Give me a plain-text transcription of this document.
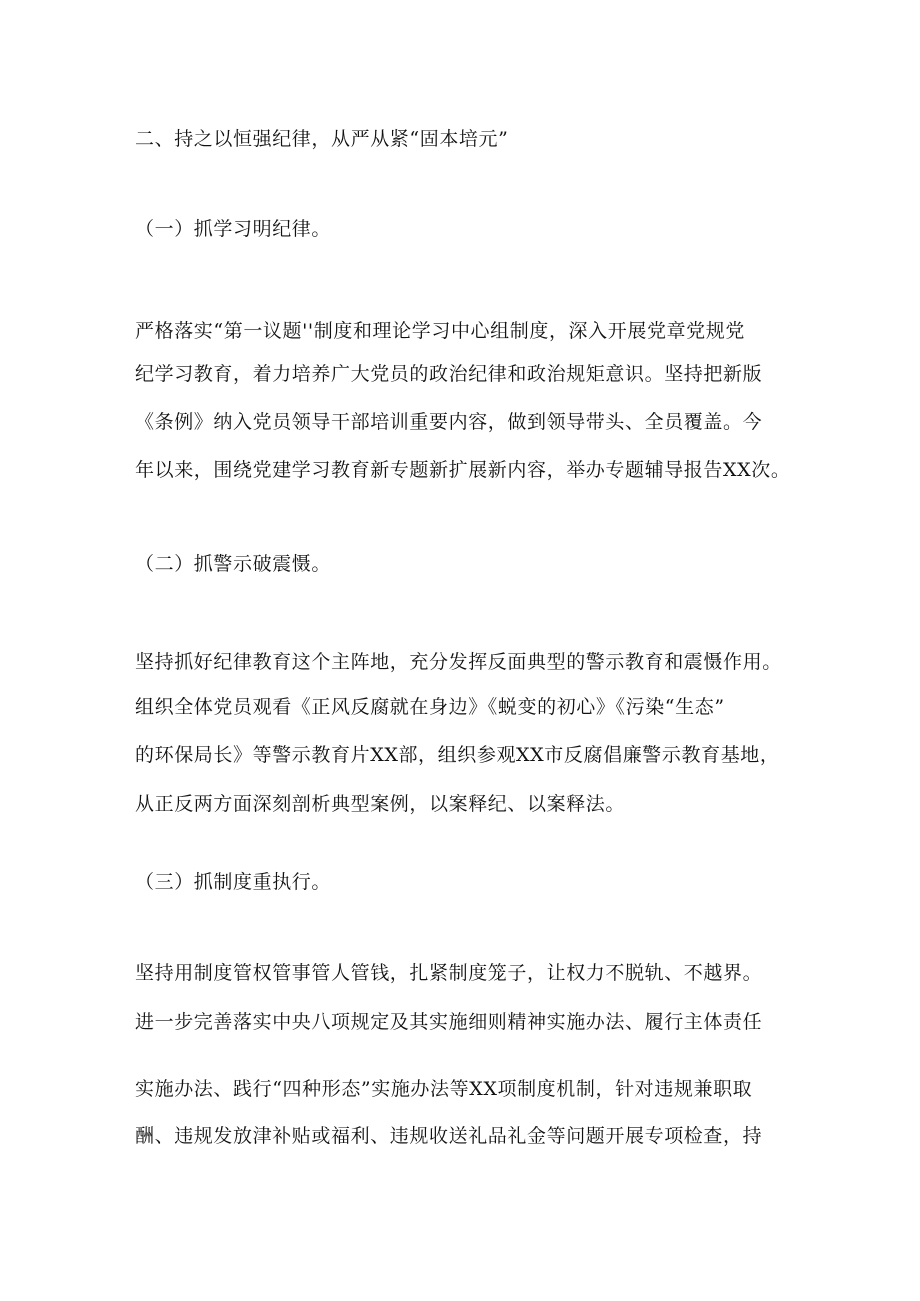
二、持之以恒强纪律，从严从紧“固本培元”
（一）抓学习明纪律。
严格落实“第一议题''制度和理论学习中心组制度，深入开展党章党规党
纪学习教育，着力培养广大党员的政治纪律和政治规矩意识。坚持把新版
《条例》纳入党员领导干部培训重要内容，做到领导带头、全员覆盖。今
年以来，围绕党建学习教育新专题新扩展新内容，举办专题辅导报告XX次。
（二）抓警示破震慑。
坚持抓好纪律教育这个主阵地，充分发挥反面典型的警示教育和震慑作用。
组织全体党员观看《正风反腐就在身边》《蜕变的初心》《污染“生态”
的环保局长》等警示教育片XX部，组织参观XX市反腐倡廉警示教育基地，
从正反两方面深刻剖析典型案例，以案释纪、以案释法。
（三）抓制度重执行。
坚持用制度管权管事管人管钱，扎紧制度笼子，让权力不脱轨、不越界。
进一步完善落实中央八项规定及其实施细则精神实施办法、履行主体责任
实施办法、践行“四种形态”实施办法等XX项制度机制，针对违规兼职取
酬、违规发放津补贴或福利、违规收送礼品礼金等问题开展专项检查，持
